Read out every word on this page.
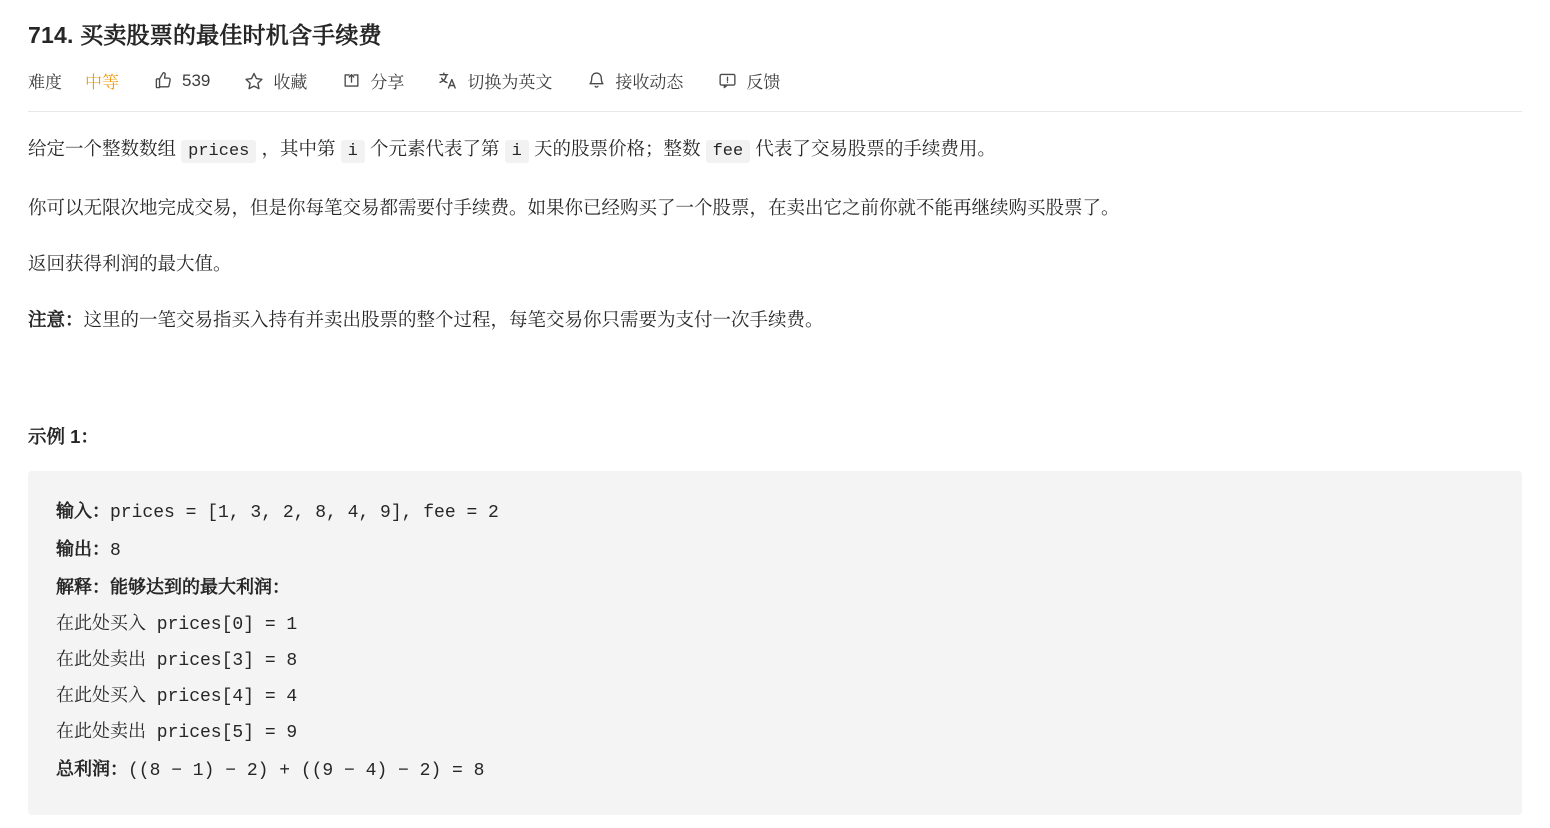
714. 买卖股票的最佳时机含手续费
难度 中等	539	收藏	分享	切换为英文	接收动态	反馈

给定一个整数数组 prices ，其中第 i 个元素代表了第 i 天的股票价格；整数 fee 代表了交易股票的手续费用。

你可以无限次地完成交易，但是你每笔交易都需要付手续费。如果你已经购买了一个股票，在卖出它之前你就不能再继续购买股票了。

返回获得利润的最大值。

注意：这里的一笔交易指买入持有并卖出股票的整个过程，每笔交易你只需要为支付一次手续费。

示例 1：
输入：prices = [1, 3, 2, 8, 4, 9], fee = 2
输出：8
解释：能够达到的最大利润：
在此处买入 prices[0] = 1
在此处卖出 prices[3] = 8
在此处买入 prices[4] = 4
在此处卖出 prices[5] = 9
总利润：((8 − 1) − 2) + ((9 − 4) − 2) = 8
